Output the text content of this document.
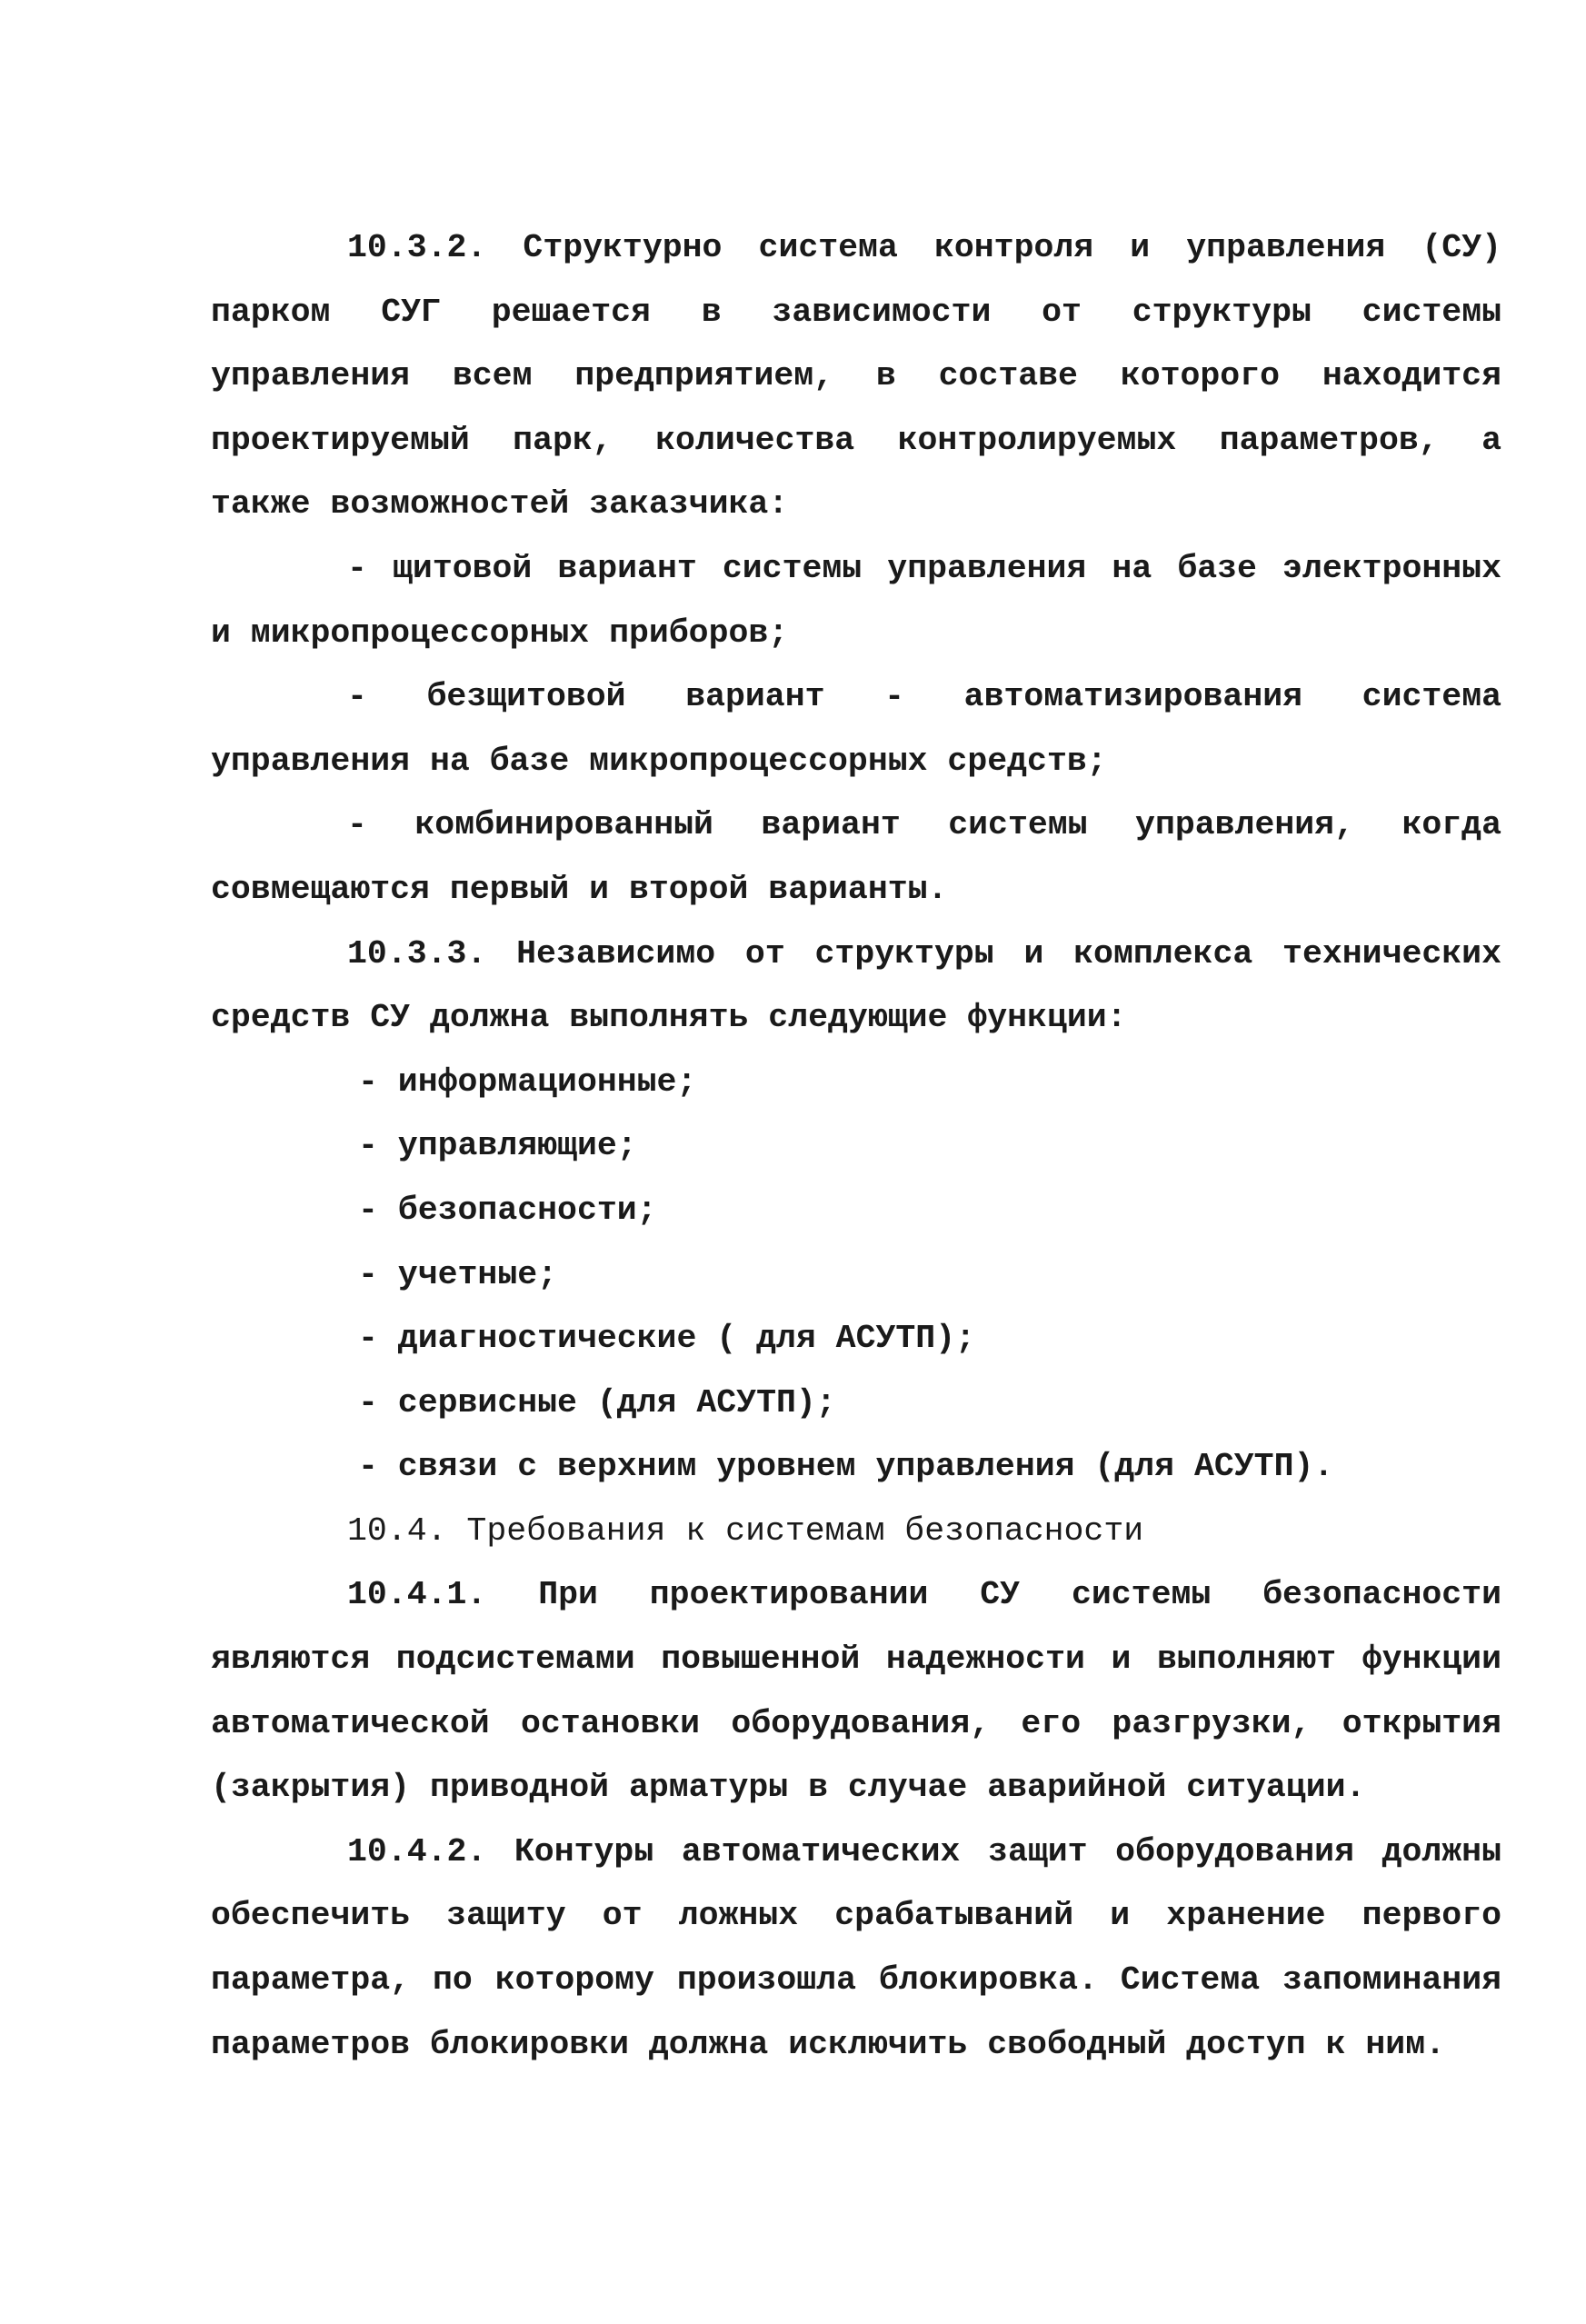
10.3.2. Структурно система контроля и управления (СУ) парком СУГ решается в зависимости от структуры системы управления всем предприятием, в составе которого находится проектируемый парк, количества контролируемых параметров, а также возможностей заказчика:

- щитовой вариант системы управления на базе электронных и микропроцессорных приборов;

- безщитовой вариант - автоматизирования система управления на базе микропроцессорных средств;

- комбинированный вариант системы управления, когда совмещаются первый и второй варианты.

10.3.3. Независимо от структуры и комплекса технических средств СУ должна выполнять следующие функции:

- информационные;

- управляющие;

- безопасности;

- учетные;

- диагностические ( для АСУТП);

- сервисные (для АСУТП);

- связи с верхним уровнем управления (для АСУТП).

10.4. Требования к системам безопасности

10.4.1. При проектировании СУ системы безопасности являются подсистемами повышенной надежности и выполняют функции автоматической остановки оборудования, его разгрузки, открытия (закрытия) приводной арматуры в случае аварийной ситуации.

10.4.2. Контуры автоматических защит оборудования должны обеспечить защиту от ложных срабатываний и хранение первого параметра, по которому произошла блокировка. Система запоминания параметров блокировки должна исключить свободный доступ к ним.
